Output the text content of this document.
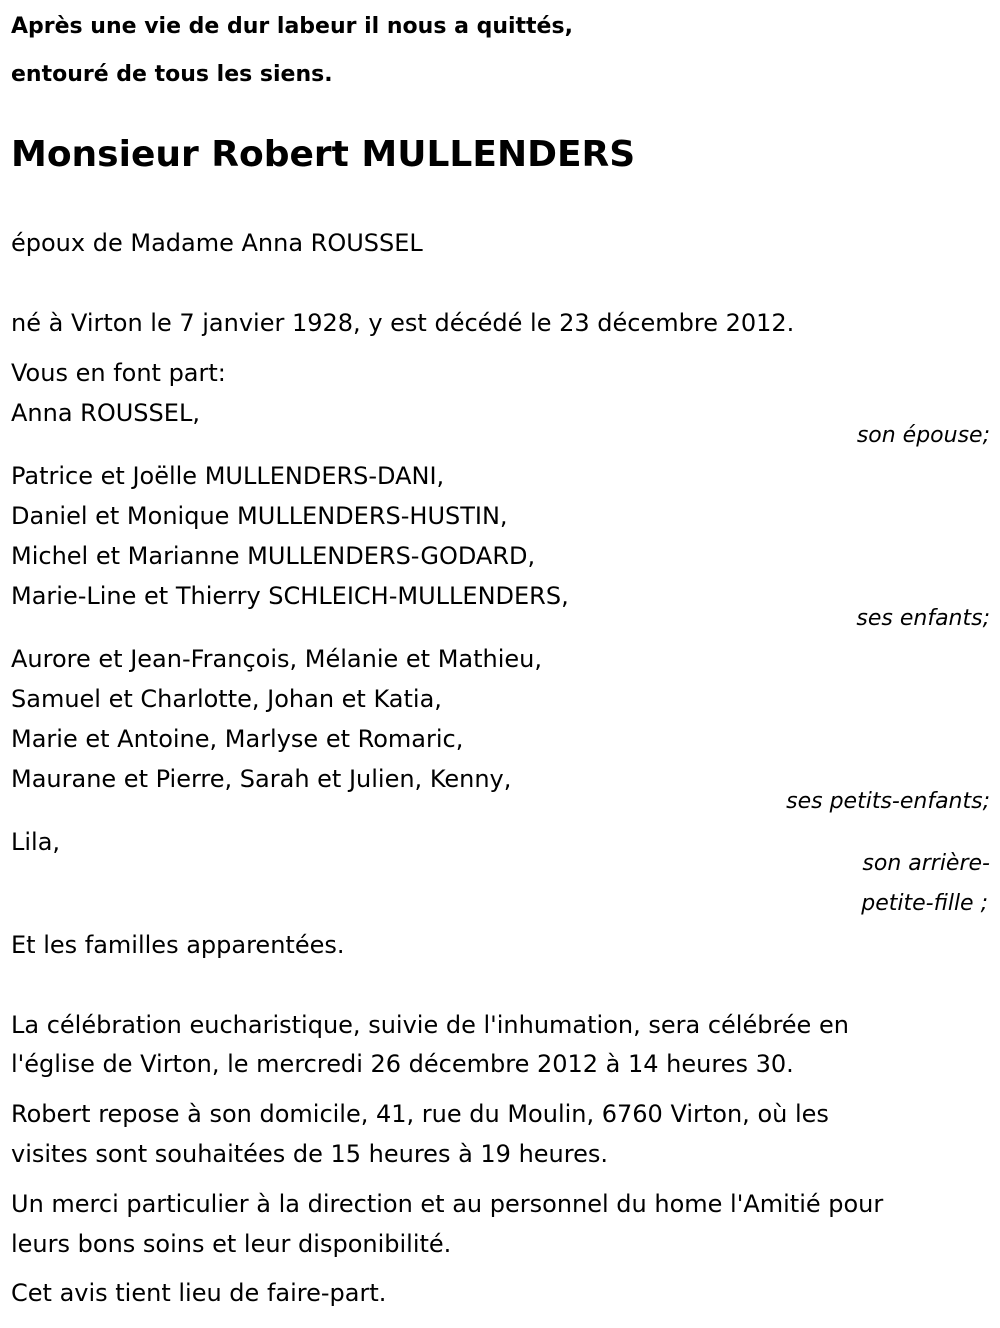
Après une vie de dur labeur il nous a quittés,
entouré de tous les siens.
Monsieur Robert MULLENDERS
époux de Madame Anna ROUSSEL
né à Virton le 7 janvier 1928, y est décédé le 23 décembre 2012.
Vous en font part:
Anna ROUSSEL,
son épouse;
Patrice et Joëlle MULLENDERS-DANI,
Daniel et Monique MULLENDERS-HUSTIN,
Michel et Marianne MULLENDERS-GODARD,
Marie-Line et Thierry SCHLEICH-MULLENDERS,
ses enfants;
Aurore et Jean-François, Mélanie et Mathieu,
Samuel et Charlotte, Johan et Katia,
Marie et Antoine, Marlyse et Romaric,
Maurane et Pierre, Sarah et Julien, Kenny,
ses petits-enfants;
Lila,
son arrière-
petite-fille ;
Et les familles apparentées.
La célébration eucharistique, suivie de l'inhumation, sera célébrée en
l'église de Virton, le mercredi 26 décembre 2012 à 14 heures 30.
Robert repose à son domicile, 41, rue du Moulin, 6760 Virton, où les
visites sont souhaitées de 15 heures à 19 heures.
Un merci particulier à la direction et au personnel du home l'Amitié pour
leurs bons soins et leur disponibilité.
Cet avis tient lieu de faire-part.
